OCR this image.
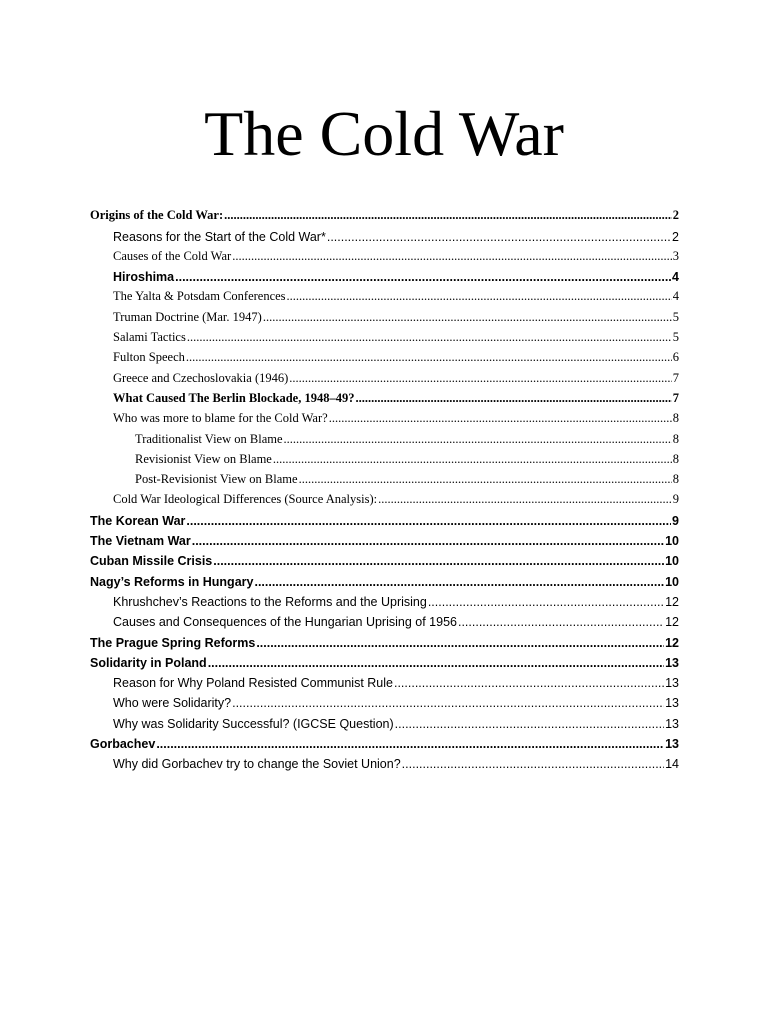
The Cold War
Origins of the Cold War: .....	2
Reasons for the Start of the Cold War* .....	2
Causes of the Cold War .....	3
Hiroshima .....	4
The Yalta & Potsdam Conferences .....	4
Truman Doctrine (Mar. 1947) .....	5
Salami Tactics .....	5
Fulton Speech .....	6
Greece and Czechoslovakia (1946) .....	7
What Caused The Berlin Blockade, 1948–49? .....	7
Who was more to blame for the Cold War? .....	8
Traditionalist View on Blame .....	8
Revisionist View on Blame .....	8
Post-Revisionist View on Blame .....	8
Cold War Ideological Differences (Source Analysis): .....	9
The Korean War .....	9
The Vietnam War .....	10
Cuban Missile Crisis .....	10
Nagy’s Reforms in Hungary .....	10
Khrushchev’s Reactions to the Reforms and the Uprising .....	12
Causes and Consequences of the Hungarian Uprising of 1956 .....	12
The Prague Spring Reforms .....	12
Solidarity in Poland .....	13
Reason for Why Poland Resisted Communist Rule .....	13
Who were Solidarity? .....	13
Why was Solidarity Successful? (IGCSE Question) .....	13
Gorbachev .....	13
Why did Gorbachev try to change the Soviet Union? .....	14
